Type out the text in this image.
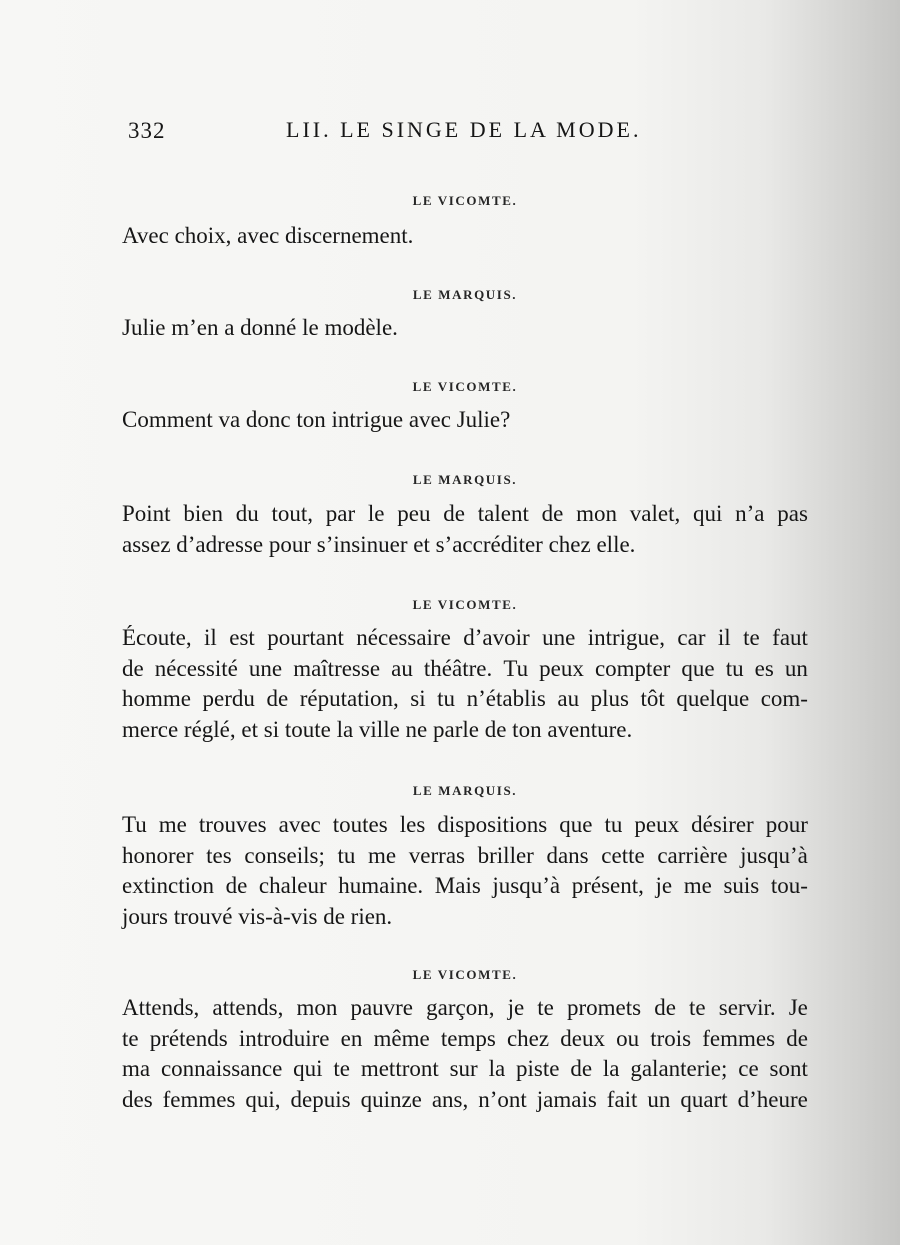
332	LII. LE SINGE DE LA MODE.
LE VICOMTE.
Avec choix, avec discernement.
LE MARQUIS.
Julie m’en a donné le modèle.
LE VICOMTE.
Comment va donc ton intrigue avec Julie?
LE MARQUIS.
Point bien du tout, par le peu de talent de mon valet, qui n’a pas
assez d’adresse pour s’insinuer et s’accréditer chez elle.
LE VICOMTE.
Écoute, il est pourtant nécessaire d’avoir une intrigue, car il te faut
de nécessité une maîtresse au théâtre. Tu peux compter que tu es un
homme perdu de réputation, si tu n’établis au plus tôt quelque com-
merce réglé, et si toute la ville ne parle de ton aventure.
LE MARQUIS.
Tu me trouves avec toutes les dispositions que tu peux désirer pour
honorer tes conseils; tu me verras briller dans cette carrière jusqu’à
extinction de chaleur humaine. Mais jusqu’à présent, je me suis tou-
jours trouvé vis-à-vis de rien.
LE VICOMTE.
Attends, attends, mon pauvre garçon, je te promets de te servir. Je
te prétends introduire en même temps chez deux ou trois femmes de
ma connaissance qui te mettront sur la piste de la galanterie; ce sont
des femmes qui, depuis quinze ans, n’ont jamais fait un quart d’heure
